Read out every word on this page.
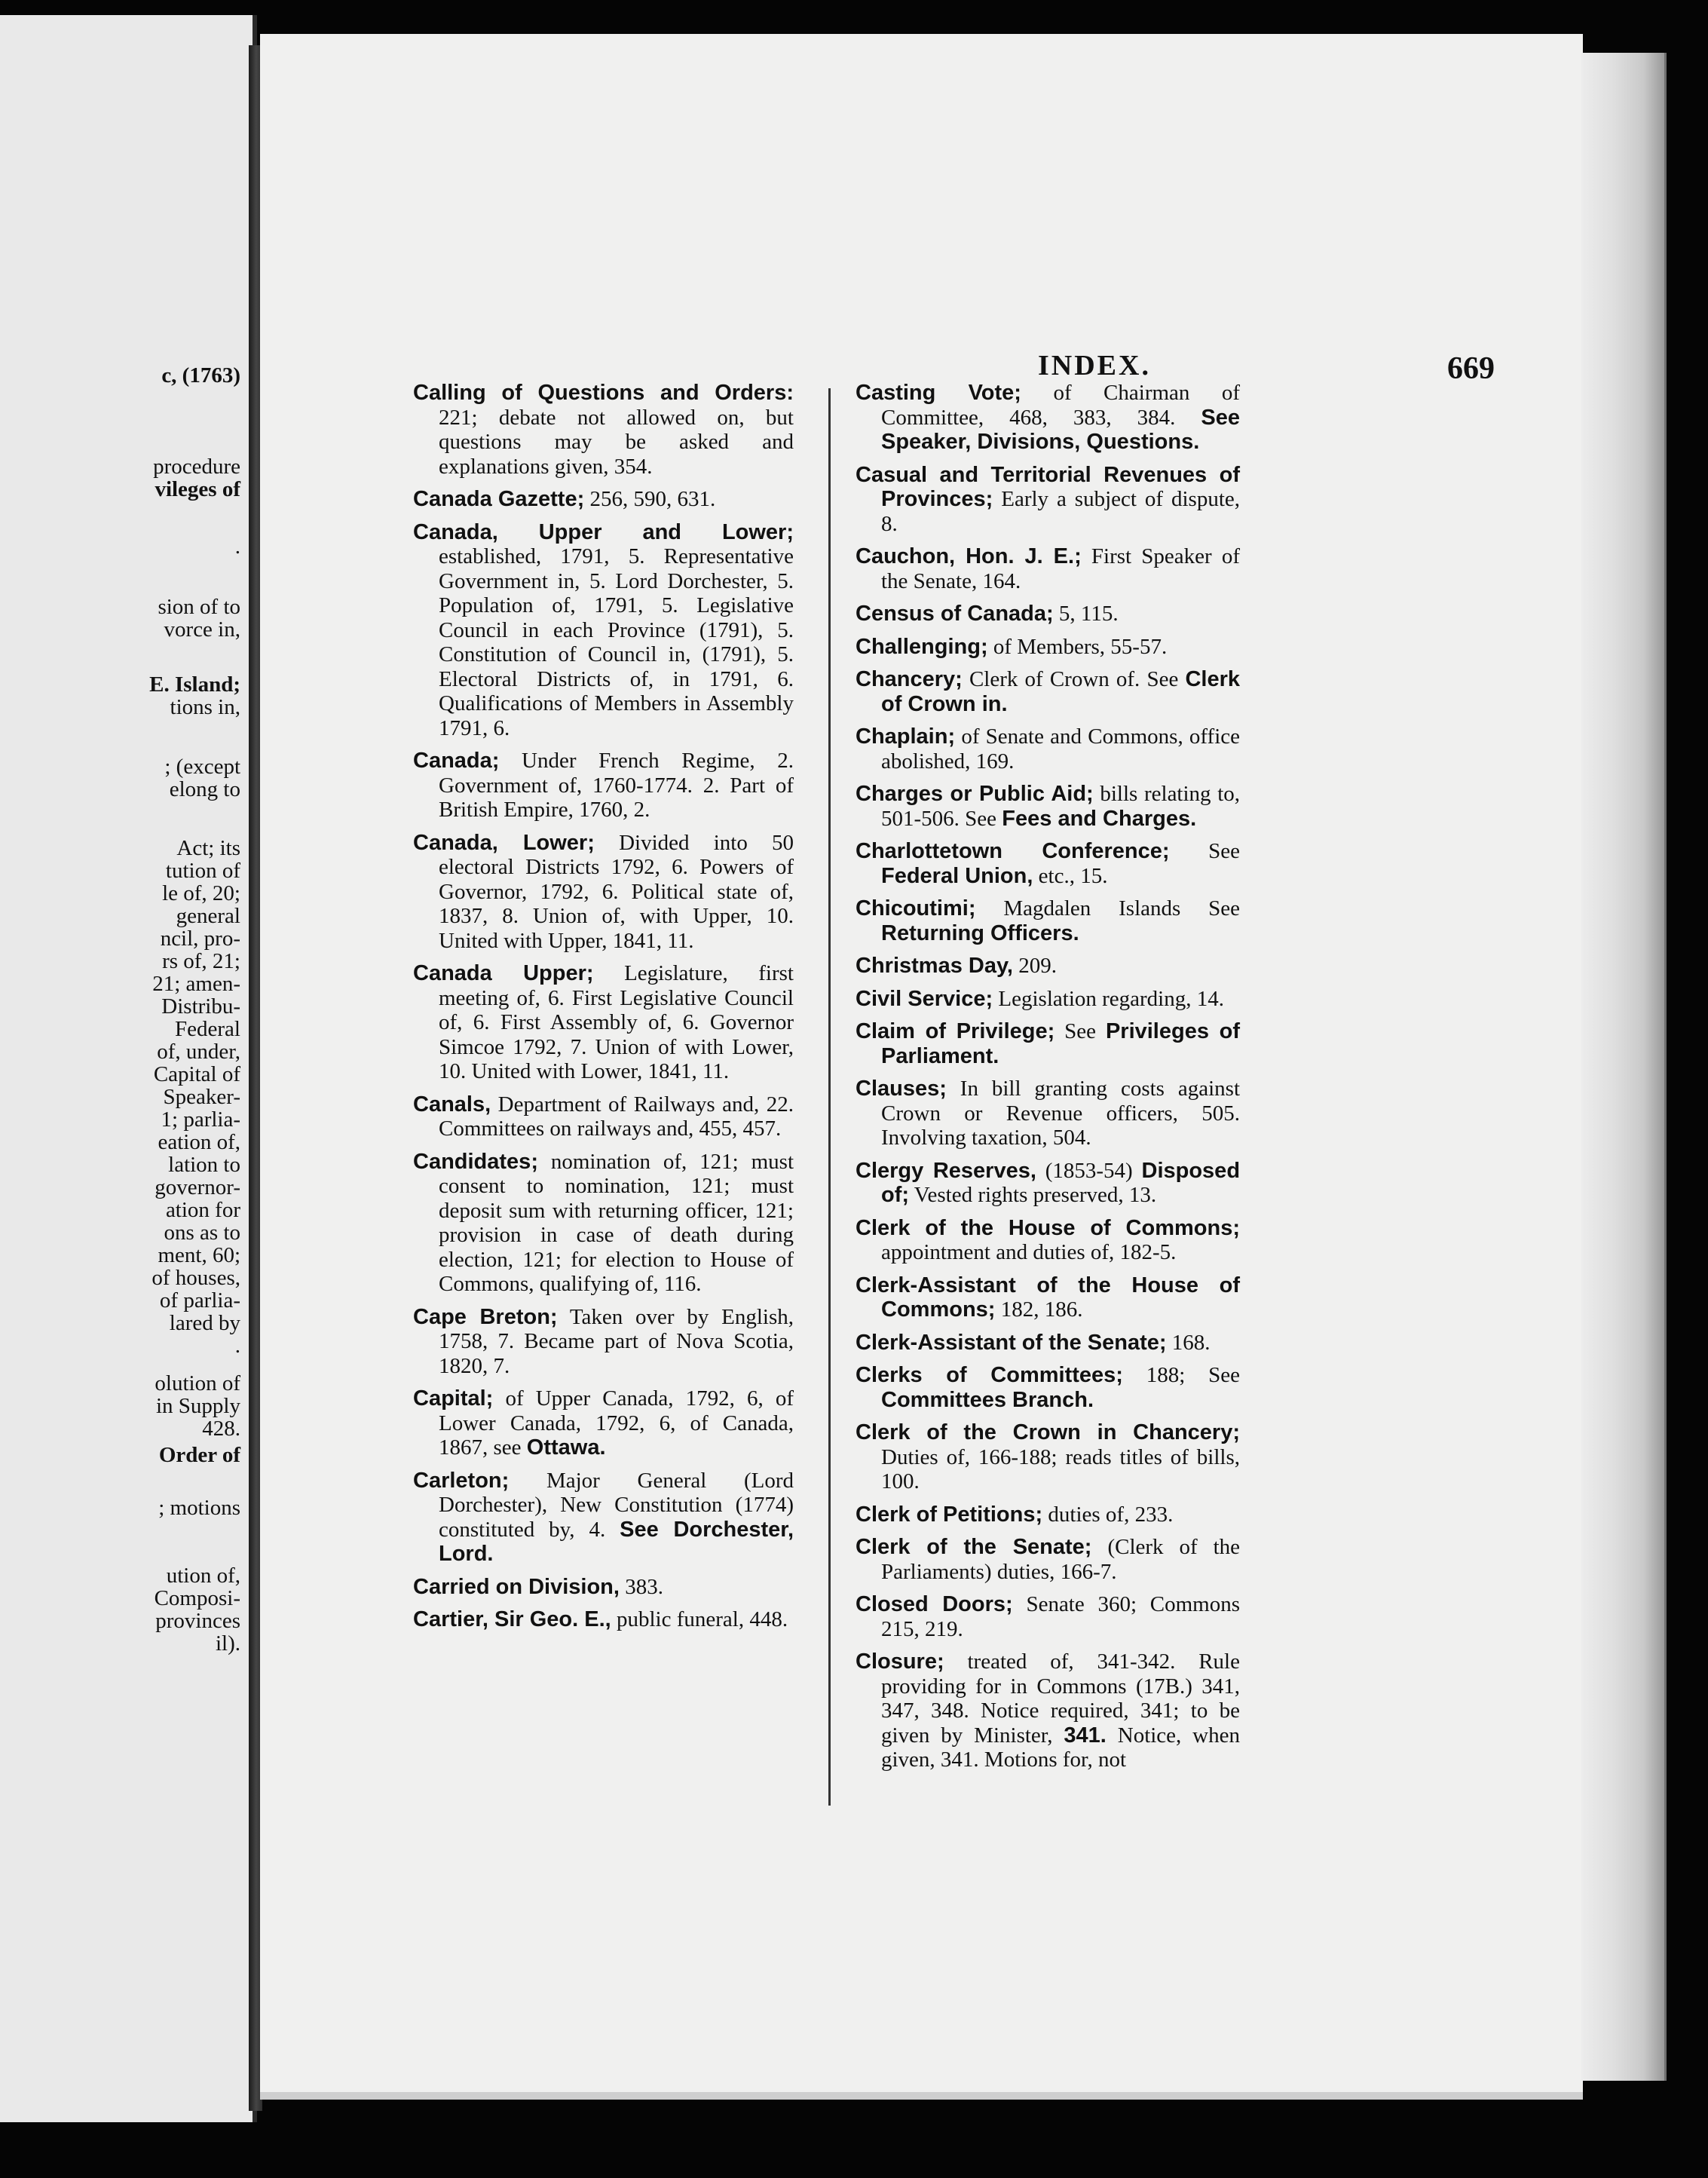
c, (1763)
procedure
vileges of
.
sion of to
vorce in,
E. Island;
tions in,
; (except
elong to
Act; its
tution of
le of, 20;
general
ncil, pro-
rs of, 21;
21; amen-
Distribu-
Federal
of, under,
Capital of
Speaker-
1; parlia-
eation of,
lation to
governor-
ation for
ons as to
ment, 60;
of houses,
of parlia-
lared by
.
olution of
in Supply
428.
Order of
; motions
ution of,
Composi-
provinces
il).
INDEX.	669
Calling of Questions and Orders: 221; debate not allowed on, but questions may be asked and explanations given, 354.
Canada Gazette; 256, 590, 631.
Canada, Upper and Lower; established, 1791, 5. Representative Government in, 5. Lord Dorchester, 5. Population of, 1791, 5. Legislative Council in each Province (1791), 5. Constitution of Council in, (1791), 5. Electoral Districts of, in 1791, 6. Qualifications of Members in Assembly 1791, 6.
Canada; Under French Regime, 2. Government of, 1760-1774. 2. Part of British Empire, 1760, 2.
Canada, Lower; Divided into 50 electoral Districts 1792, 6. Powers of Governor, 1792, 6. Political state of, 1837, 8. Union of, with Upper, 10. United with Upper, 1841, 11.
Canada Upper; Legislature, first meeting of, 6. First Legislative Council of, 6. First Assembly of, 6. Governor Simcoe 1792, 7. Union of with Lower, 10. United with Lower, 1841, 11.
Canals, Department of Railways and, 22. Committees on railways and, 455, 457.
Candidates; nomination of, 121; must consent to nomination, 121; must deposit sum with returning officer, 121; provision in case of death during election, 121; for election to House of Commons, qualifying of, 116.
Cape Breton; Taken over by English, 1758, 7. Became part of Nova Scotia, 1820, 7.
Capital; of Upper Canada, 1792, 6, of Lower Canada, 1792, 6, of Canada, 1867, see Ottawa.
Carleton; Major General (Lord Dorchester), New Constitution (1774) constituted by, 4. See Dorchester, Lord.
Carried on Division, 383.
Cartier, Sir Geo. E., public funeral, 448.
Casting Vote; of Chairman of Committee, 468, 383, 384. See Speaker, Divisions, Questions.
Casual and Territorial Revenues of Provinces; Early a subject of dispute, 8.
Cauchon, Hon. J. E.; First Speaker of the Senate, 164.
Census of Canada; 5, 115.
Challenging; of Members, 55-57.
Chancery; Clerk of Crown of. See Clerk of Crown in.
Chaplain; of Senate and Commons, office abolished, 169.
Charges or Public Aid; bills relating to, 501-506. See Fees and Charges.
Charlottetown Conference; See Federal Union, etc., 15.
Chicoutimi; Magdalen Islands See Returning Officers.
Christmas Day, 209.
Civil Service; Legislation regarding, 14.
Claim of Privilege; See Privileges of Parliament.
Clauses; In bill granting costs against Crown or Revenue officers, 505. Involving taxation, 504.
Clergy Reserves, (1853-54) Disposed of; Vested rights preserved, 13.
Clerk of the House of Commons; appointment and duties of, 182-5.
Clerk-Assistant of the House of Commons; 182, 186.
Clerk-Assistant of the Senate; 168.
Clerks of Committees; 188; See Committees Branch.
Clerk of the Crown in Chancery; Duties of, 166-188; reads titles of bills, 100.
Clerk of Petitions; duties of, 233.
Clerk of the Senate; (Clerk of the Parliaments) duties, 166-7.
Closed Doors; Senate 360; Commons 215, 219.
Closure; treated of, 341-342. Rule providing for in Commons (17B.) 341, 347, 348. Notice required, 341; to be given by Minister, 341. Notice, when given, 341. Motions for, not
